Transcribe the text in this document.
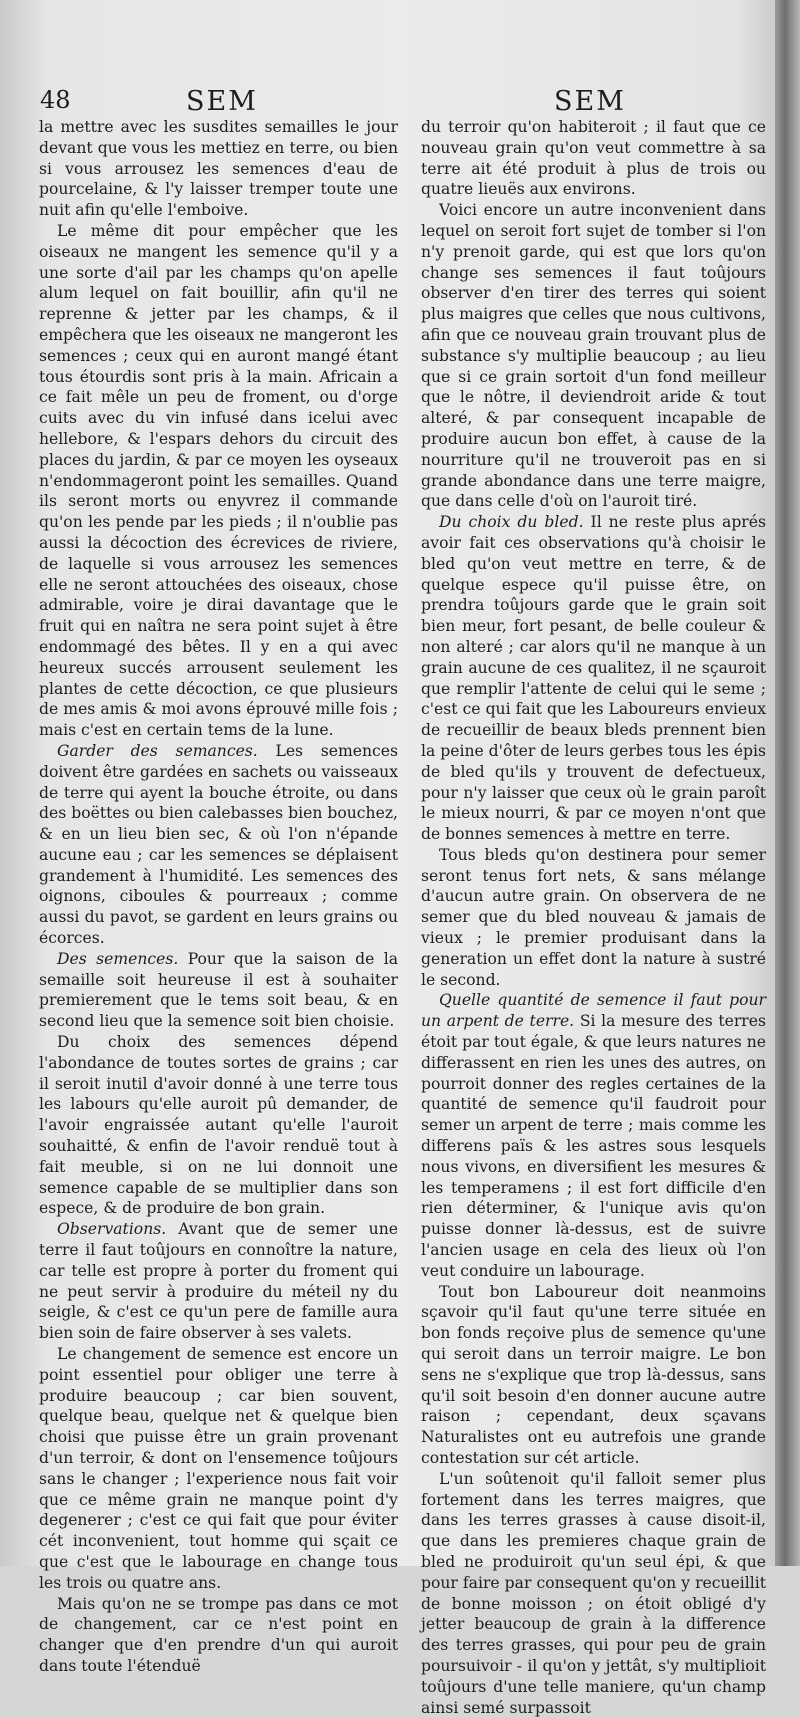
48	SEM	SEM

la mettre avec les susdites semailles le jour devant que vous les mettiez en terre, ou bien si vous arrousez les semences d'eau de pourcelaine, & l'y laisser tremper toute une nuit afin qu'elle l'emboive.

Le même dit pour empêcher que les oiseaux ne mangent les semence qu'il y a une sorte d'ail par les champs qu'on apelle alum lequel on fait bouillir, afin qu'il ne reprenne & jetter par les champs, & il empêchera que les oiseaux ne mangeront les semences ; ceux qui en auront mangé étant tous étourdis sont pris à la main. Africain a ce fait mêle un peu de froment, ou d'orge cuits avec du vin infusé dans icelui avec hellebore, & l'espars dehors du circuit des places du jardin, & par ce moyen les oyseaux n'endommageront point les semailles. Quand ils seront morts ou enyvrez il commande qu'on les pende par les pieds ; il n'oublie pas aussi la décoction des écrevices de riviere, de laquelle si vous arrousez les semences elle ne seront attouchées des oiseaux, chose admirable, voire je dirai davantage que le fruit qui en naîtra ne sera point sujet à être endommagé des bêtes. Il y en a qui avec heureux succés arrousent seulement les plantes de cette décoction, ce que plusieurs de mes amis & moi avons éprouvé mille fois ; mais c'est en certain tems de la lune.

Garder des semances. Les semences doivent être gardées en sachets ou vaisseaux de terre qui ayent la bouche étroite, ou dans des boëttes ou bien calebasses bien bouchez, & en un lieu bien sec, & où l'on n'épande aucune eau ; car les semences se déplaisent grandement à l'humidité. Les semences des oignons, ciboules & pourreaux ; comme aussi du pavot, se gardent en leurs grains ou écorces.

Des semences. Pour que la saison de la semaille soit heureuse il est à souhaiter premierement que le tems soit beau, & en second lieu que la semence soit bien choisie.

Du choix des semences dépend l'abondance de toutes sortes de grains ; car il seroit inutil d'avoir donné à une terre tous les labours qu'elle auroit pû demander, de l'avoir engraissée autant qu'elle l'auroit souhaitté, & enfin de l'avoir renduë tout à fait meuble, si on ne lui donnoit une semence capable de se multiplier dans son espece, & de produire de bon grain.

Observations. Avant que de semer une terre il faut toûjours en connoître la nature, car telle est propre à porter du froment qui ne peut servir à produire du méteil ny du seigle, & c'est ce qu'un pere de famille aura bien soin de faire observer à ses valets.

Le changement de semence est encore un point essentiel pour obliger une terre à produire beaucoup ; car bien souvent, quelque beau, quelque net & quelque bien choisi que puisse être un grain provenant d'un terroir, & dont on l'ensemence toûjours sans le changer ; l'experience nous fait voir que ce même grain ne manque point d'y degenerer ; c'est ce qui fait que pour éviter cét inconvenient, tout homme qui sçait ce que c'est que le labourage en change tous les trois ou quatre ans.

Mais qu'on ne se trompe pas dans ce mot de changement, car ce n'est point en changer que d'en prendre d'un qui auroit dans toute l'étenduë

du terroir qu'on habiteroit ; il faut que ce nouveau grain qu'on veut commettre à sa terre ait été produit à plus de trois ou quatre lieuës aux environs.

Voici encore un autre inconvenient dans lequel on seroit fort sujet de tomber si l'on n'y prenoit garde, qui est que lors qu'on change ses semences il faut toûjours observer d'en tirer des terres qui soient plus maigres que celles que nous cultivons, afin que ce nouveau grain trouvant plus de substance s'y multiplie beaucoup ; au lieu que si ce grain sortoit d'un fond meilleur que le nôtre, il deviendroit aride & tout alteré, & par consequent incapable de produire aucun bon effet, à cause de la nourriture qu'il ne trouveroit pas en si grande abondance dans une terre maigre, que dans celle d'où on l'auroit tiré.

Du choix du bled. Il ne reste plus aprés avoir fait ces observations qu'à choisir le bled qu'on veut mettre en terre, & de quelque espece qu'il puisse être, on prendra toûjours garde que le grain soit bien meur, fort pesant, de belle couleur & non alteré ; car alors qu'il ne manque à un grain aucune de ces qualitez, il ne sçauroit que remplir l'attente de celui qui le seme ; c'est ce qui fait que les Laboureurs envieux de recueillir de beaux bleds prennent bien la peine d'ôter de leurs gerbes tous les épis de bled qu'ils y trouvent de defectueux, pour n'y laisser que ceux où le grain paroît le mieux nourri, & par ce moyen n'ont que de bonnes semences à mettre en terre.

Tous bleds qu'on destinera pour semer seront tenus fort nets, & sans mélange d'aucun autre grain. On observera de ne semer que du bled nouveau & jamais de vieux ; le premier produisant dans la generation un effet dont la nature à sustré le second.

Quelle quantité de semence il faut pour un arpent de terre. Si la mesure des terres étoit par tout égale, & que leurs natures ne differassent en rien les unes des autres, on pourroit donner des regles certaines de la quantité de semence qu'il faudroit pour semer un arpent de terre ; mais comme les differens païs & les astres sous lesquels nous vivons, en diversifient les mesures & les temperamens ; il est fort difficile d'en rien déterminer, & l'unique avis qu'on puisse donner là-dessus, est de suivre l'ancien usage en cela des lieux où l'on veut conduire un labourage.

Tout bon Laboureur doit neanmoins sçavoir qu'il faut qu'une terre située en bon fonds reçoive plus de semence qu'une qui seroit dans un terroir maigre. Le bon sens ne s'explique que trop là-dessus, sans qu'il soit besoin d'en donner aucune autre raison ; cependant, deux sçavans Naturalistes ont eu autrefois une grande contestation sur cét article.

L'un soûtenoit qu'il falloit semer plus fortement dans les terres maigres, que dans les terres grasses à cause disoit-il, que dans les premieres chaque grain de bled ne produiroit qu'un seul épi, & que pour faire par consequent qu'on y recueillit de bonne moisson ; on étoit obligé d'y jetter beaucoup de grain à la difference des terres grasses, qui pour peu de grain poursuivoir - il qu'on y jettât, s'y multiplioit toûjours d'une telle maniere, qu'un champ ainsi semé surpassoit
